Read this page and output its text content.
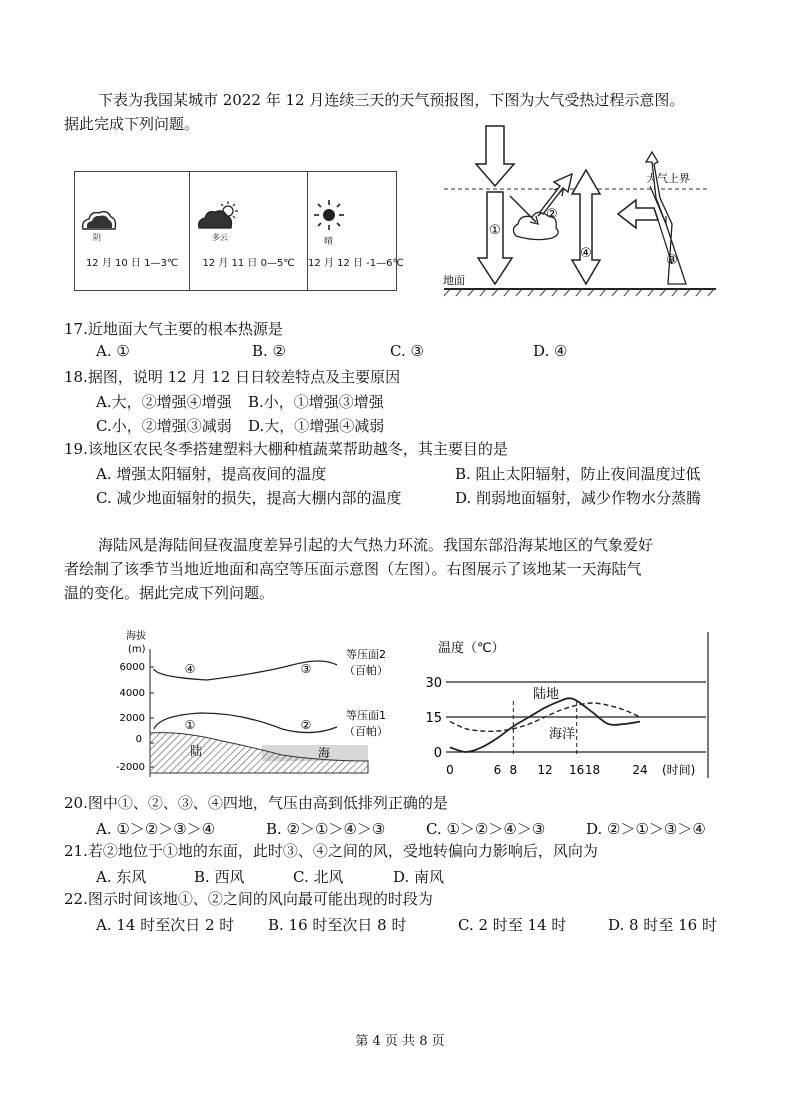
下表为我国某城市 2022 年 12 月连续三天的天气预报图，下图为大气受热过程示意图。
据此完成下列问题。
阴
12 月 10 日 1—3℃
多云
12 月 11 日 0—5℃
晴
12 月 12 日 -1—6℃
大气上界
地面
①
②
④	③
17.近地面大气主要的根本热源是
A. ①	B. ②	C. ③	D. ④
18.据图，说明 12 月 12 日日较差特点及主要原因
A.大，②增强④增强 B.小，①增强③增强
C.小，②增强③减弱 D.大，①增强④减弱
19.该地区农民冬季搭建塑料大棚种植蔬菜帮助越冬，其主要目的是
A. 增强太阳辐射，提高夜间的温度	B. 阻止太阳辐射，防止夜间温度过低
C. 减少地面辐射的损失，提高大棚内部的温度	D. 削弱地面辐射，减少作物水分蒸腾
海陆风是海陆间昼夜温度差异引起的大气热力环流。我国东部沿海某地区的气象爱好
者绘制了该季节当地近地面和高空等压面示意图（左图）。右图展示了该地某一天海陆气
温的变化。据此完成下列问题。
海拔
(m)
6000
4000
2000
0
-2000
等压面2
（百帕）
④	③
等压面1
（百帕）
①	②
陆	海
温度（℃）
(时间)
0
15
30
0	6 8 12 16 18	24
陆地
海洋
20.图中①、②、③、④四地，气压由高到低排列正确的是
A. ①＞②＞③＞④	B. ②＞①＞④＞③	C. ①＞②＞④＞③	D. ②＞①＞③＞④
21.若②地位于①地的东面，此时③、④之间的风，受地转偏向力影响后，风向为
A. 东风	B. 西风	C. 北风	D. 南风
22.图示时间该地①、②之间的风向最可能出现的时段为
A. 14 时至次日 2 时 B. 16 时至次日 8 时	C. 2 时至 14 时	D. 8 时至 16 时
第 4 页 共 8 页
